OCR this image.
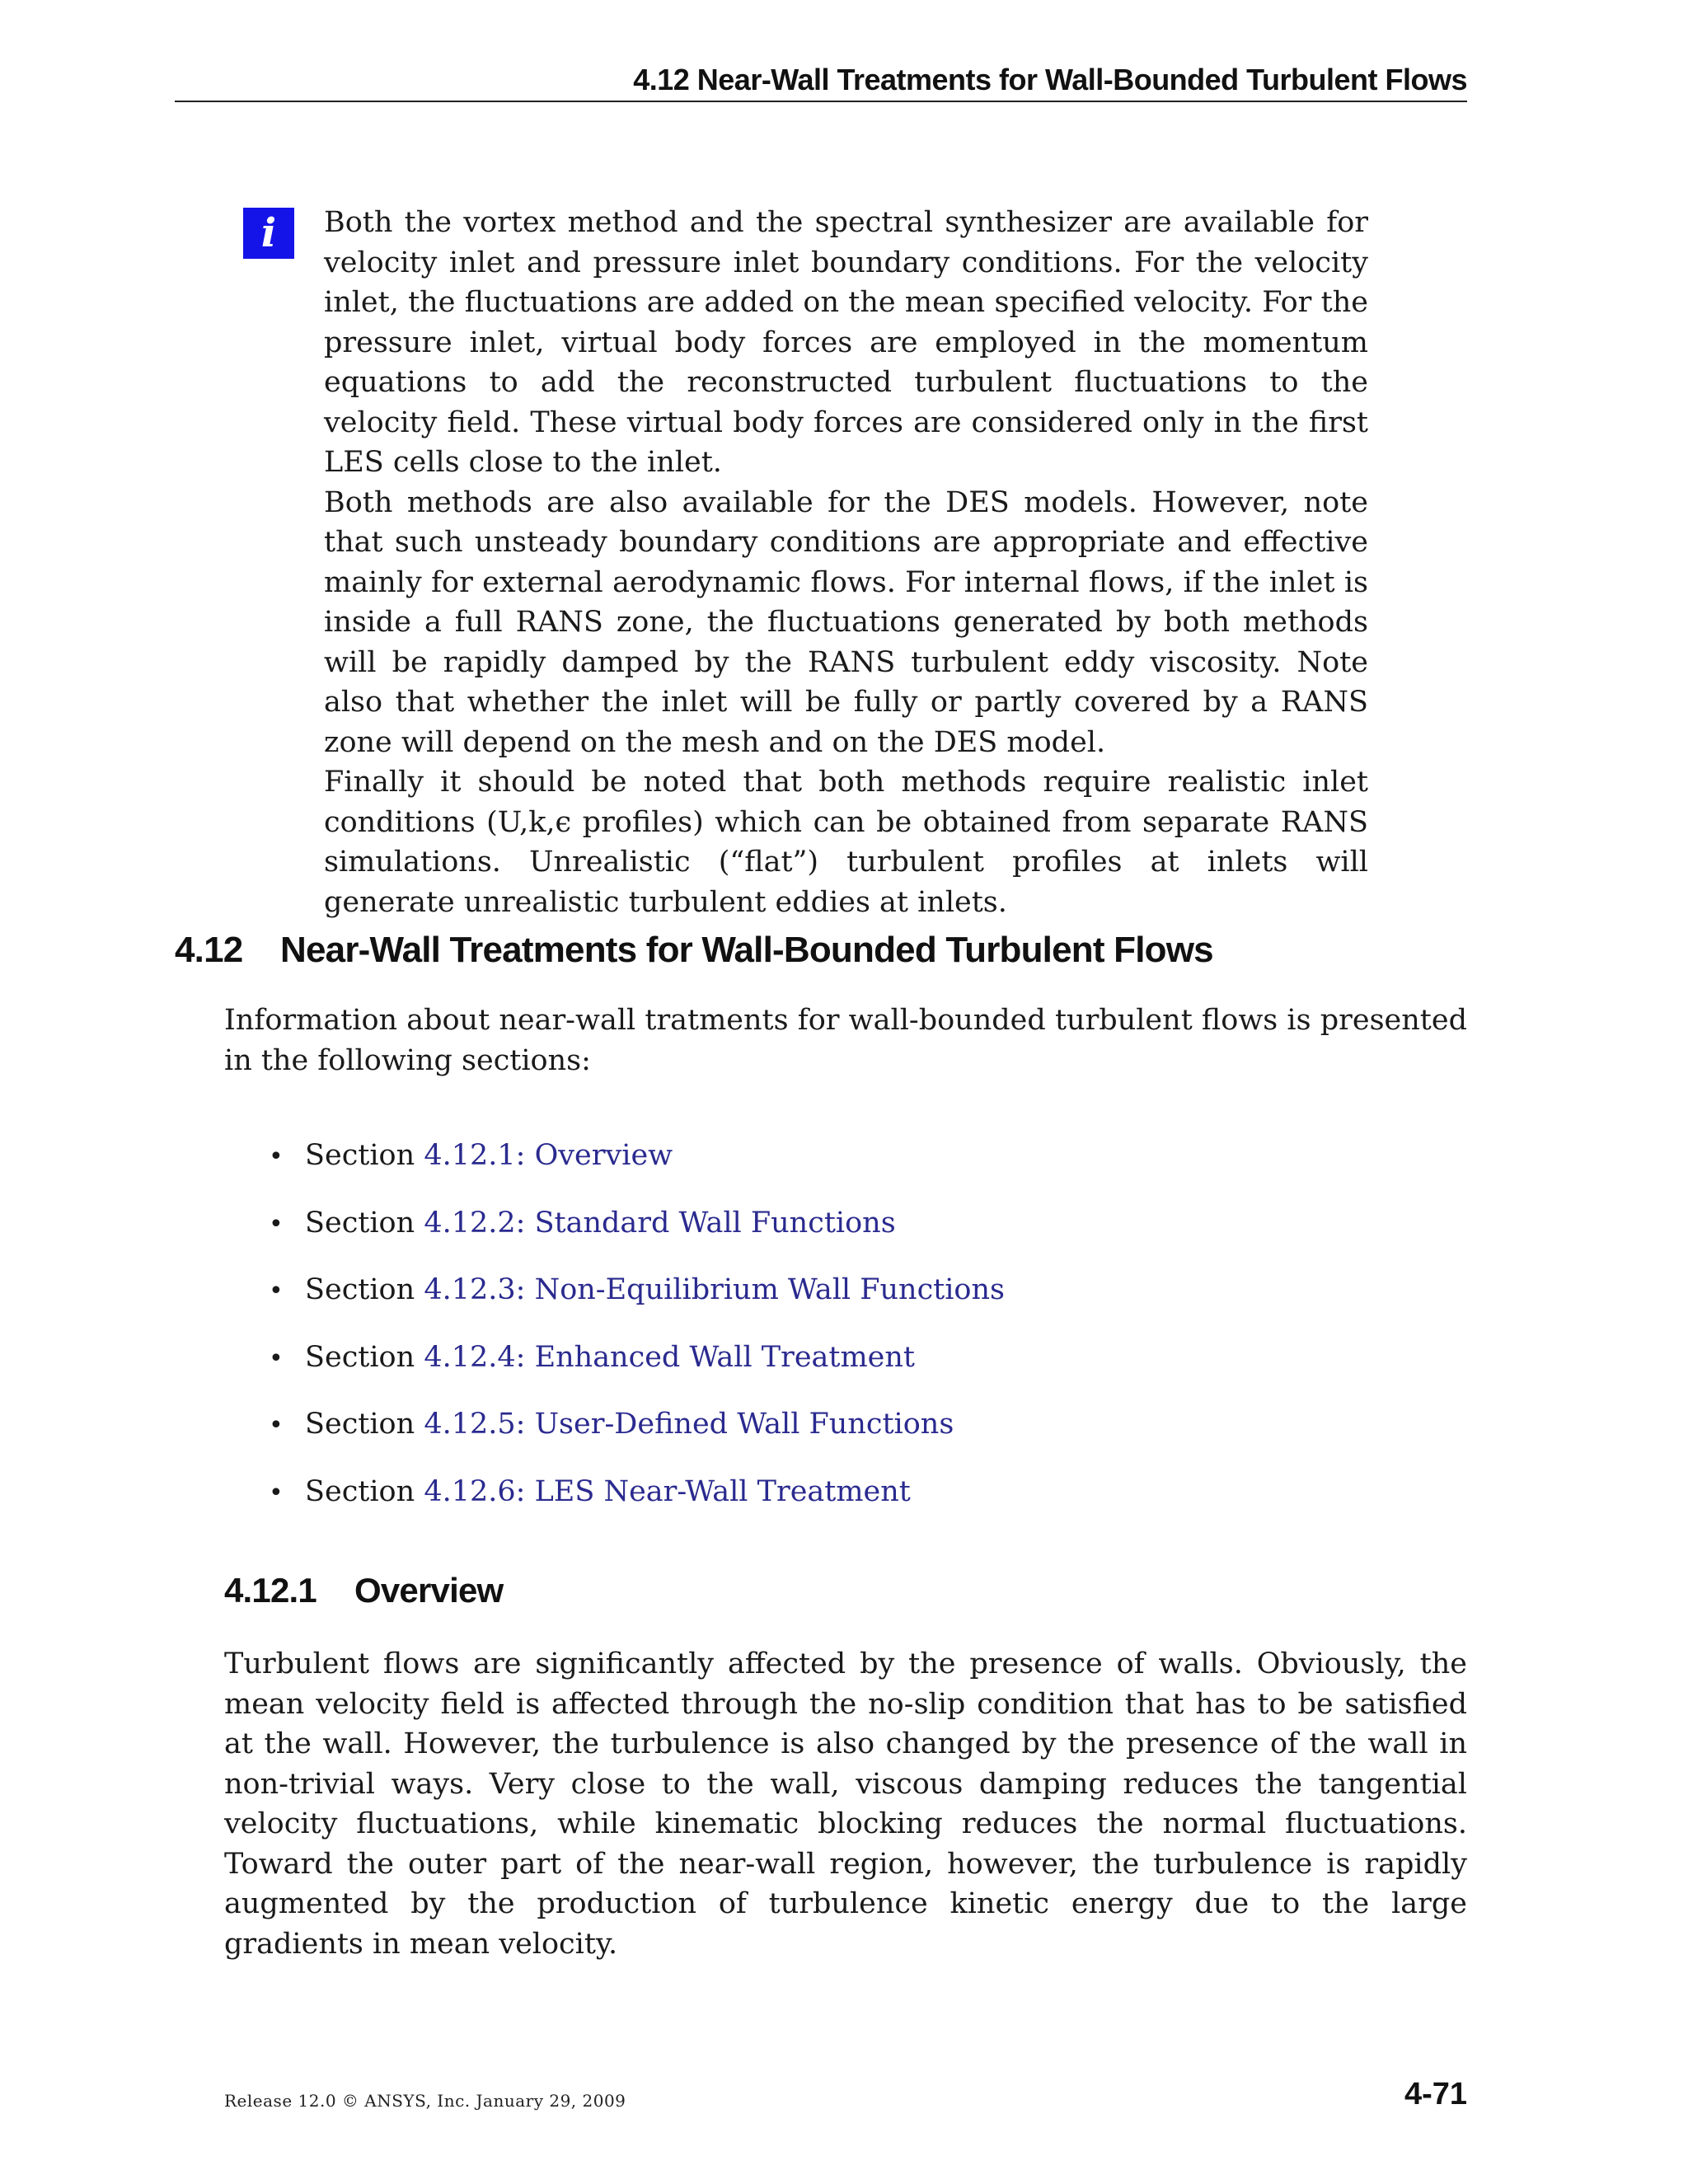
4.12 Near-Wall Treatments for Wall-Bounded Turbulent Flows
i	Both the vortex method and the spectral synthesizer are available for velocity inlet and pressure inlet boundary conditions. For the velocity inlet, the fluctuations are added on the mean specified velocity. For the pressure inlet, virtual body forces are employed in the momentum equations to add the reconstructed turbulent fluctuations to the velocity field. These virtual body forces are considered only in the first LES cells close to the inlet.

Both methods are also available for the DES models. However, note that such unsteady boundary conditions are appropriate and effective mainly for external aerodynamic flows. For internal flows, if the inlet is inside a full RANS zone, the fluctuations generated by both methods will be rapidly damped by the RANS turbulent eddy viscosity. Note also that whether the inlet will be fully or partly covered by a RANS zone will depend on the mesh and on the DES model.

Finally it should be noted that both methods require realistic inlet conditions (U,k,ϵ profiles) which can be obtained from separate RANS simulations. Unrealistic (“flat”) turbulent profiles at inlets will generate unrealistic turbulent eddies at inlets.

4.12 Near-Wall Treatments for Wall-Bounded Turbulent Flows

Information about near-wall tratments for wall-bounded turbulent flows is presented in the following sections:

• Section 4.12.1: Overview
• Section 4.12.2: Standard Wall Functions
• Section 4.12.3: Non-Equilibrium Wall Functions
• Section 4.12.4: Enhanced Wall Treatment
• Section 4.12.5: User-Defined Wall Functions
• Section 4.12.6: LES Near-Wall Treatment
4.12.1 Overview

Turbulent flows are significantly affected by the presence of walls. Obviously, the mean velocity field is affected through the no-slip condition that has to be satisfied at the wall. However, the turbulence is also changed by the presence of the wall in non-trivial ways. Very close to the wall, viscous damping reduces the tangential velocity fluctuations, while kinematic blocking reduces the normal fluctuations. Toward the outer part of the near-wall region, however, the turbulence is rapidly augmented by the production of turbulence kinetic energy due to the large gradients in mean velocity.

Release 12.0 © ANSYS, Inc. January 29, 2009	4-71
